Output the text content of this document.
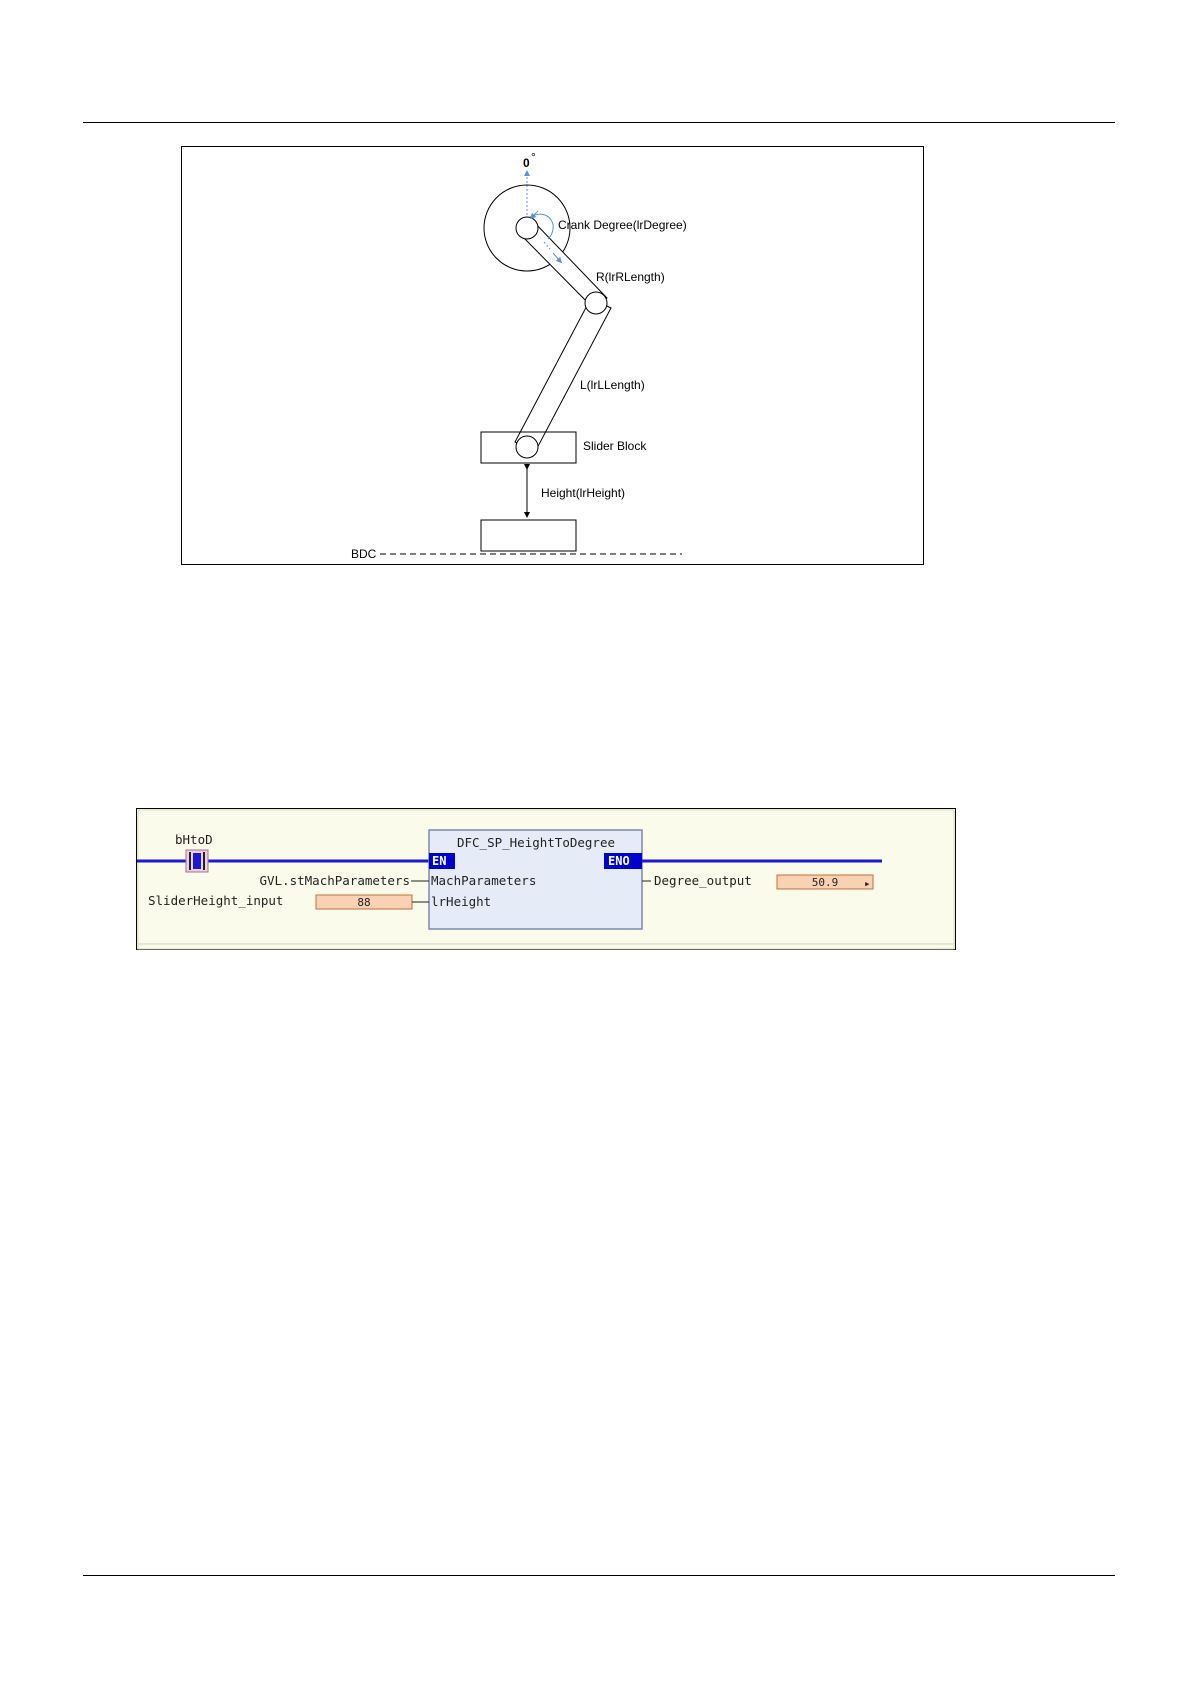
0 °
Crank Degree(lrDegree)
R(lrRLength)
L(lrLLength)
Slider Block
Height(lrHeight)
BDC
bHtoD	DFC_SP_HeightToDegree
EN	ENO
GVL.stMachParameters MachParameters
SliderHeight_input	88	lrHeight
Degree_output	50.9 ▸
